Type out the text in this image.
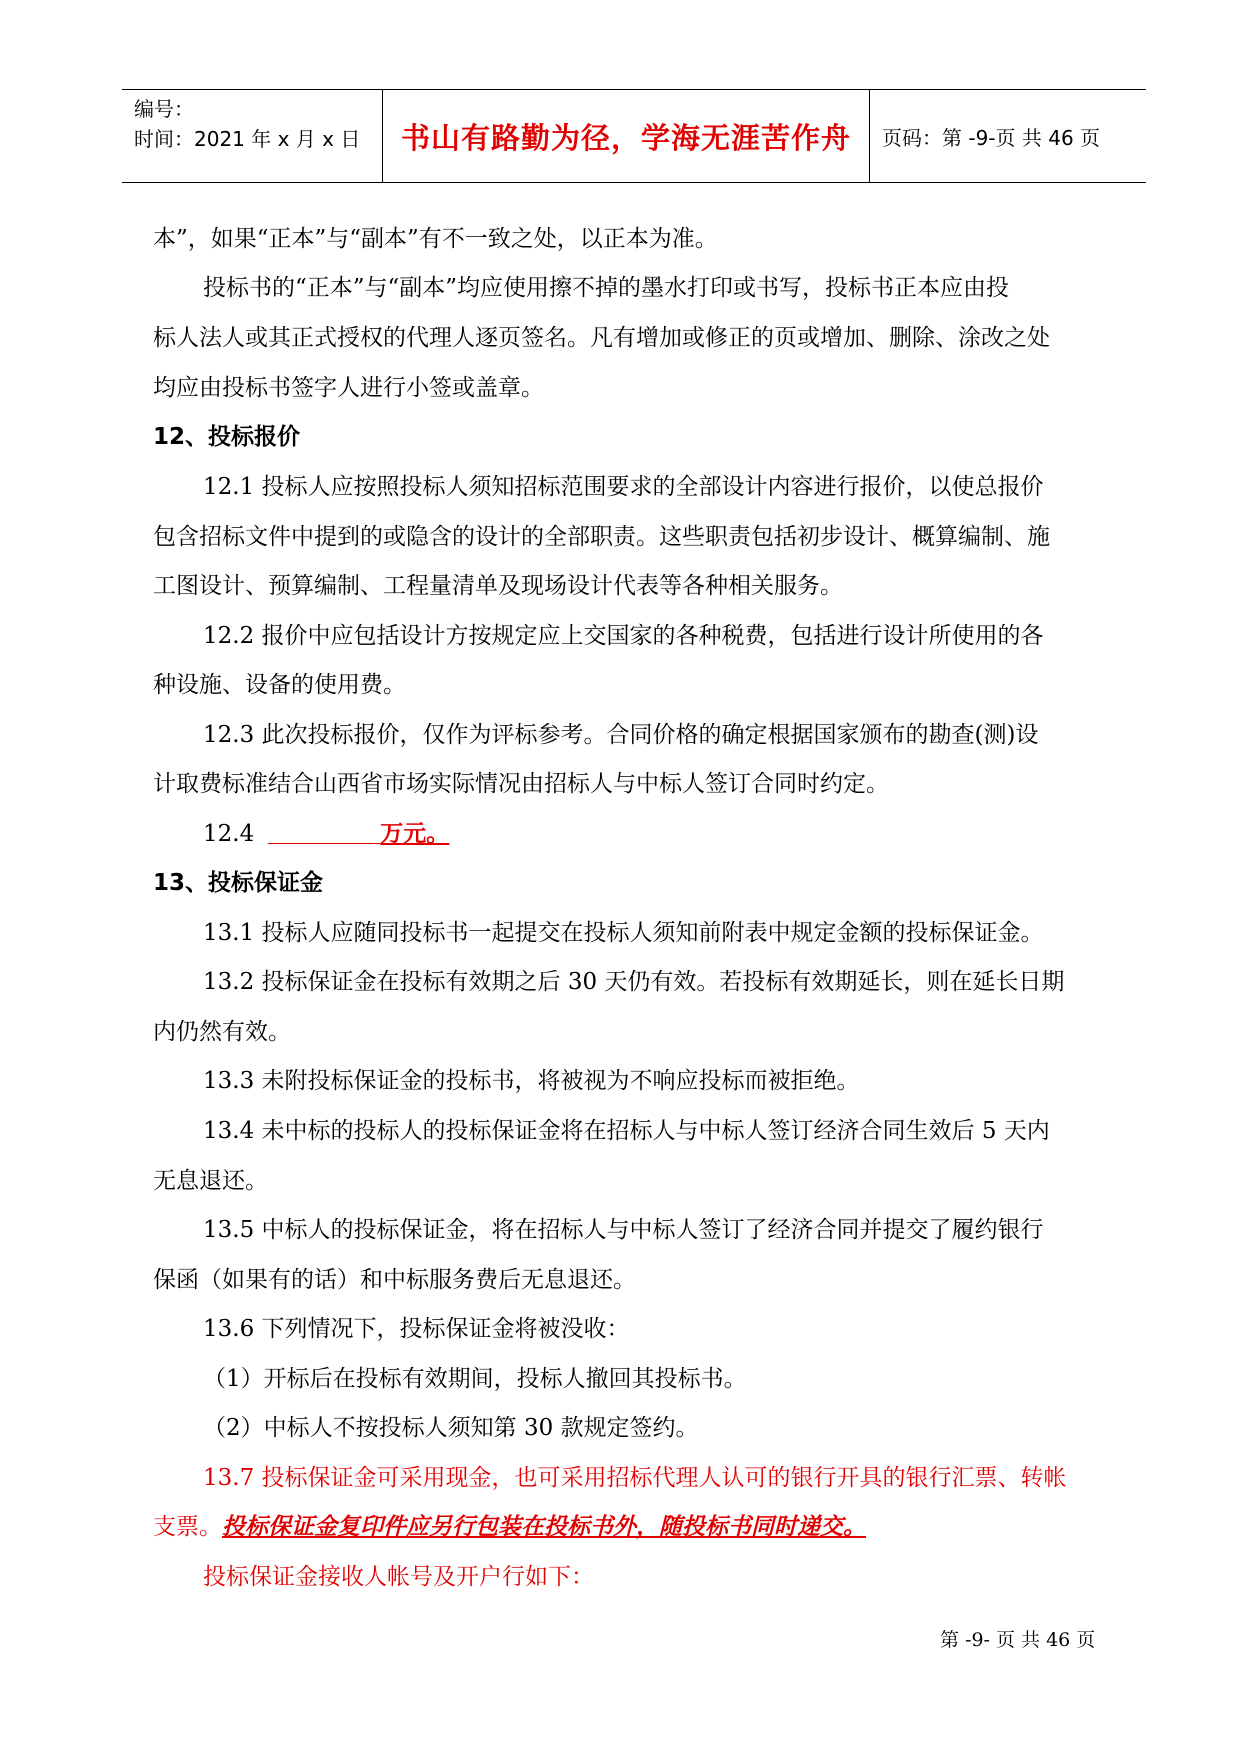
编号：
时间：2021 年 x 月 x 日	书山有路勤为径，学海无涯苦作舟	页码：第 -9-页 共 46 页
本”，如果“正本”与“副本”有不一致之处，以正本为准。
投标书的“正本”与“副本”均应使用擦不掉的墨水打印或书写，投标书正本应由投
标人法人或其正式授权的代理人逐页签名。凡有增加或修正的页或增加、删除、涂改之处
均应由投标书签字人进行小签或盖章。
12、投标报价
12.1 投标人应按照投标人须知招标范围要求的全部设计内容进行报价，以使总报价
包含招标文件中提到的或隐含的设计的全部职责。这些职责包括初步设计、概算编制、施
工图设计、预算编制、工程量清单及现场设计代表等各种相关服务。
12.2 报价中应包括设计方按规定应上交国家的各种税费，包括进行设计所使用的各
种设施、设备的使用费。
12.3 此次投标报价，仅作为评标参考。合同价格的确定根据国家颁布的勘查(测)设
计取费标准结合山西省市场实际情况由招标人与中标人签订合同时约定。
12.4	万元。
13、投标保证金
13.1 投标人应随同投标书一起提交在投标人须知前附表中规定金额的投标保证金。
13.2 投标保证金在投标有效期之后 30 天仍有效。若投标有效期延长，则在延长日期
内仍然有效。
13.3 未附投标保证金的投标书，将被视为不响应投标而被拒绝。
13.4 未中标的投标人的投标保证金将在招标人与中标人签订经济合同生效后 5 天内
无息退还。
13.5 中标人的投标保证金，将在招标人与中标人签订了经济合同并提交了履约银行
保函（如果有的话）和中标服务费后无息退还。
13.6 下列情况下，投标保证金将被没收：
（1）开标后在投标有效期间，投标人撤回其投标书。
（2）中标人不按投标人须知第 30 款规定签约。
13.7 投标保证金可采用现金，也可采用招标代理人认可的银行开具的银行汇票、转帐
支票。投标保证金复印件应另行包装在投标书外，随投标书同时递交。
投标保证金接收人帐号及开户行如下：
第 -9- 页 共 46 页
